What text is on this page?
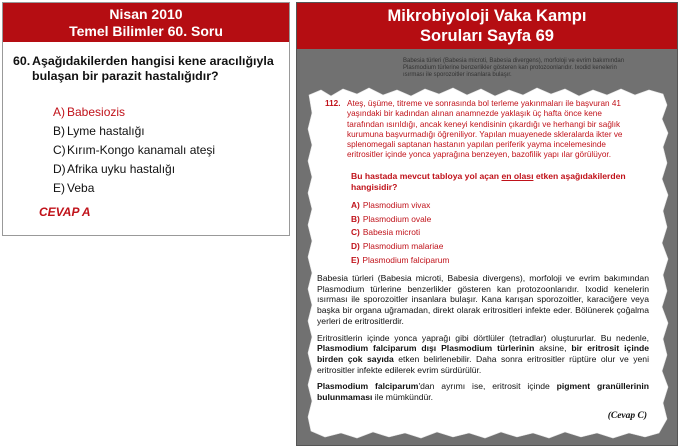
Nisan 2010
Temel Bilimler 60. Soru
60. Aşağıdakilerden hangisi kene aracılığıyla bulaşan bir parazit hastalığıdır?
A) Babesiozis
B) Lyme hastalığı
C) Kırım-Kongo kanamalı ateşi
D) Afrika uyku hastalığı
E) Veba
CEVAP A
Mikrobiyoloji Vaka Kampı
Soruları Sayfa 69
Babesia türleri (Babesia microti, Babesia divergens), morfoloji ve evrim bakımından Plasmodium türlerine benzerlikler gösteren kan protozoonlarıdır. Ixodid kenelerin ısırması ile sporozoitler insanlara bulaşır.
112. Ateş, üşüme, titreme ve sonrasında bol terleme yakınmaları ile başvuran 41 yaşındaki bir kadından alınan anamnezde yaklaşık üç hafta önce kene tarafından ısırıldığı, ancak keneyi kendisinin çıkardığı ve herhangi bir sağlık kurumuna başvurmadığı öğreniliyor. Yapılan muayenede skleralarda ikter ve splenomegali saptanan hastanın yapılan periferik yayma incelemesinde eritrositler içinde yonca yaprağına benzeyen, bazofilik yapı ılar görülüyor.
Bu hastada mevcut tabloya yol açan en olası etken aşağıdakilerden hangisidir?
A) Plasmodium vivax
B) Plasmodium ovale
C) Babesia microti
D) Plasmodium malariae
E) Plasmodium falciparum

Babesia türleri (Babesia microti, Babesia divergens), morfoloji ve evrim bakımından Plasmodium türlerine benzerlikler gösteren kan protozoonlarıdır. Ixodid kenelerin ısırması ile sporozoitler insanlara bulaşır. Kana karışan sporozoitler, karaciğere veya başka bir organa uğramadan, direkt olarak eritrositleri infekte eder. Bölünerek çoğalma yerleri de eritrositlerdir.

Eritrositlerin içinde yonca yaprağı gibi dörtlüler (tetradlar) oluştururlar. Bu nedenle, Plasmodium falciparum dışı Plasmodium türlerinin aksine, bir eritrosit içinde birden çok sayıda etken belirlenebilir. Daha sonra eritrositler rüptüre olur ve yeni eritrositler infekte edilerek evrim sürdürülür.

Plasmodium falciparum'dan ayrımı ise, eritrosit içinde pigment granüllerinin bulunmaması ile mümkündür.

(Cevap C)
